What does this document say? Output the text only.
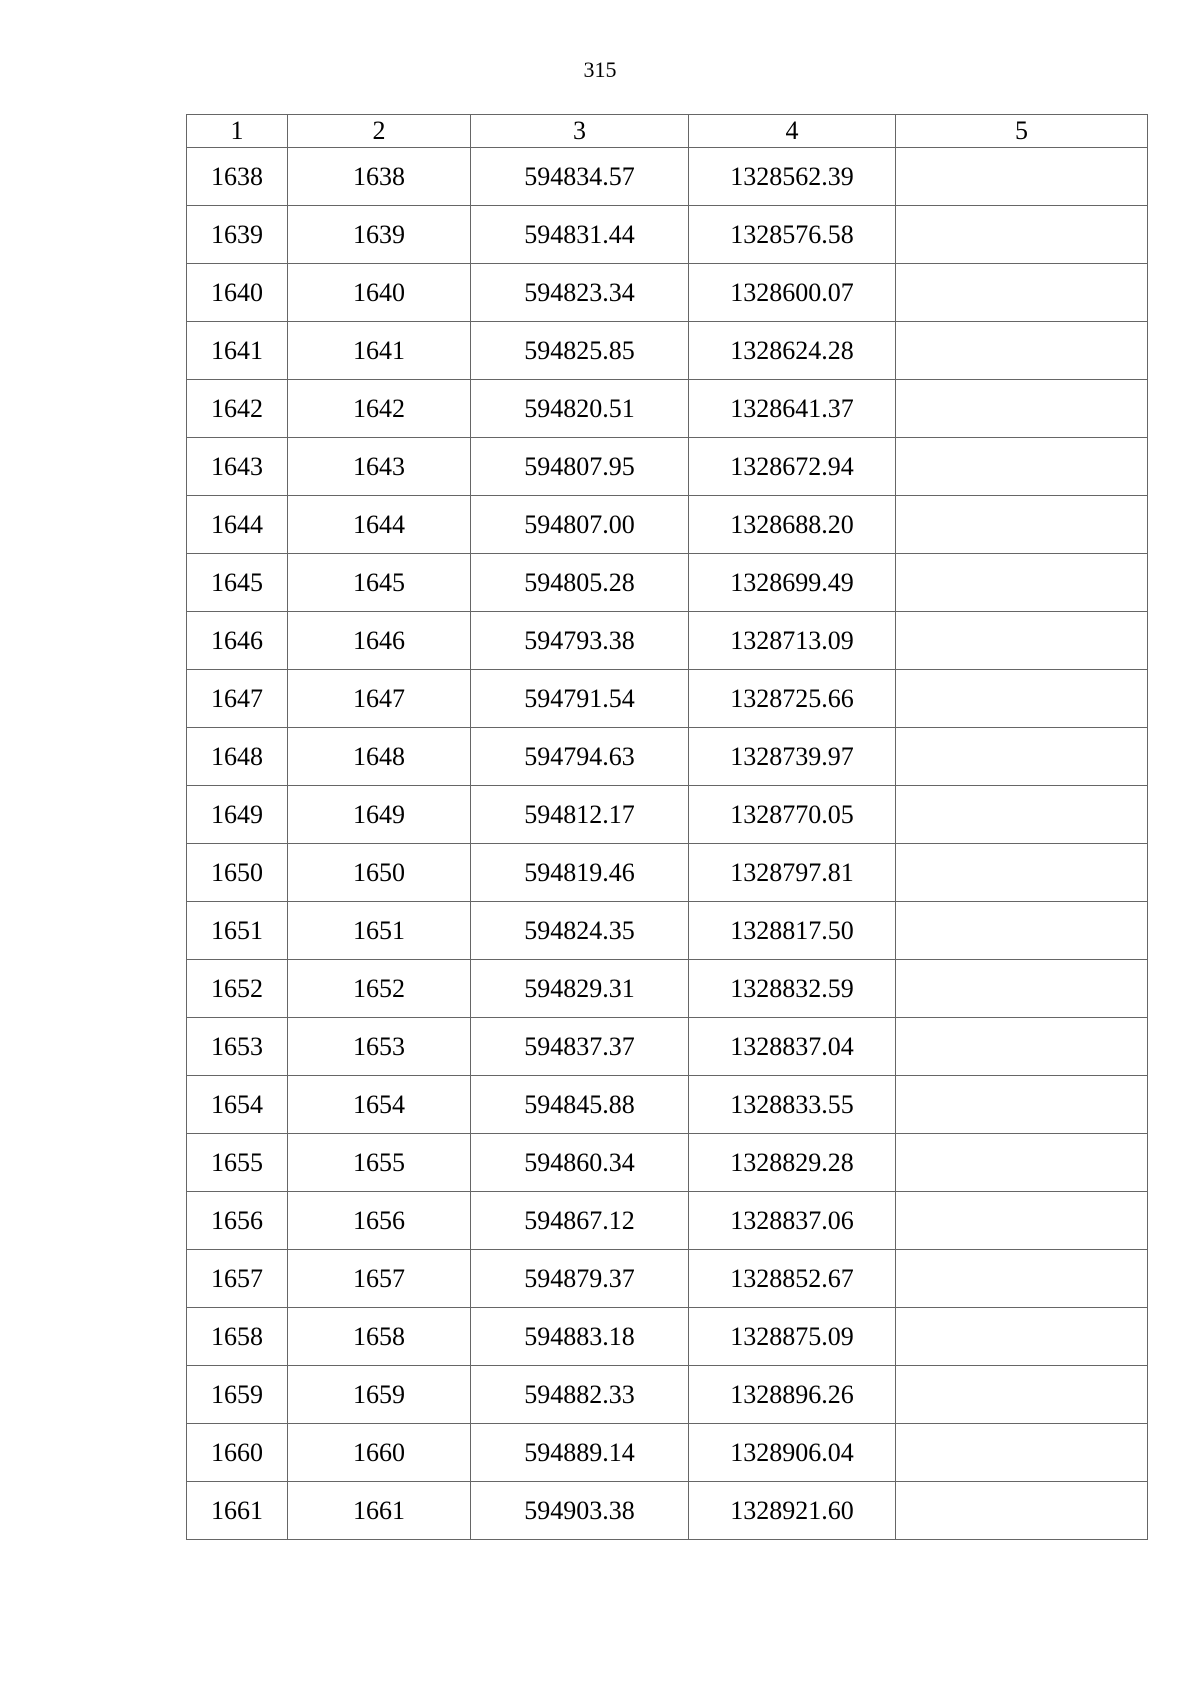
315
1	2	3	4	5
1638	1638	594834.57	1328562.39	
1639	1639	594831.44	1328576.58	
1640	1640	594823.34	1328600.07	
1641	1641	594825.85	1328624.28	
1642	1642	594820.51	1328641.37	
1643	1643	594807.95	1328672.94	
1644	1644	594807.00	1328688.20	
1645	1645	594805.28	1328699.49	
1646	1646	594793.38	1328713.09	
1647	1647	594791.54	1328725.66	
1648	1648	594794.63	1328739.97	
1649	1649	594812.17	1328770.05	
1650	1650	594819.46	1328797.81	
1651	1651	594824.35	1328817.50	
1652	1652	594829.31	1328832.59	
1653	1653	594837.37	1328837.04	
1654	1654	594845.88	1328833.55	
1655	1655	594860.34	1328829.28	
1656	1656	594867.12	1328837.06	
1657	1657	594879.37	1328852.67	
1658	1658	594883.18	1328875.09	
1659	1659	594882.33	1328896.26	
1660	1660	594889.14	1328906.04	
1661	1661	594903.38	1328921.60	
